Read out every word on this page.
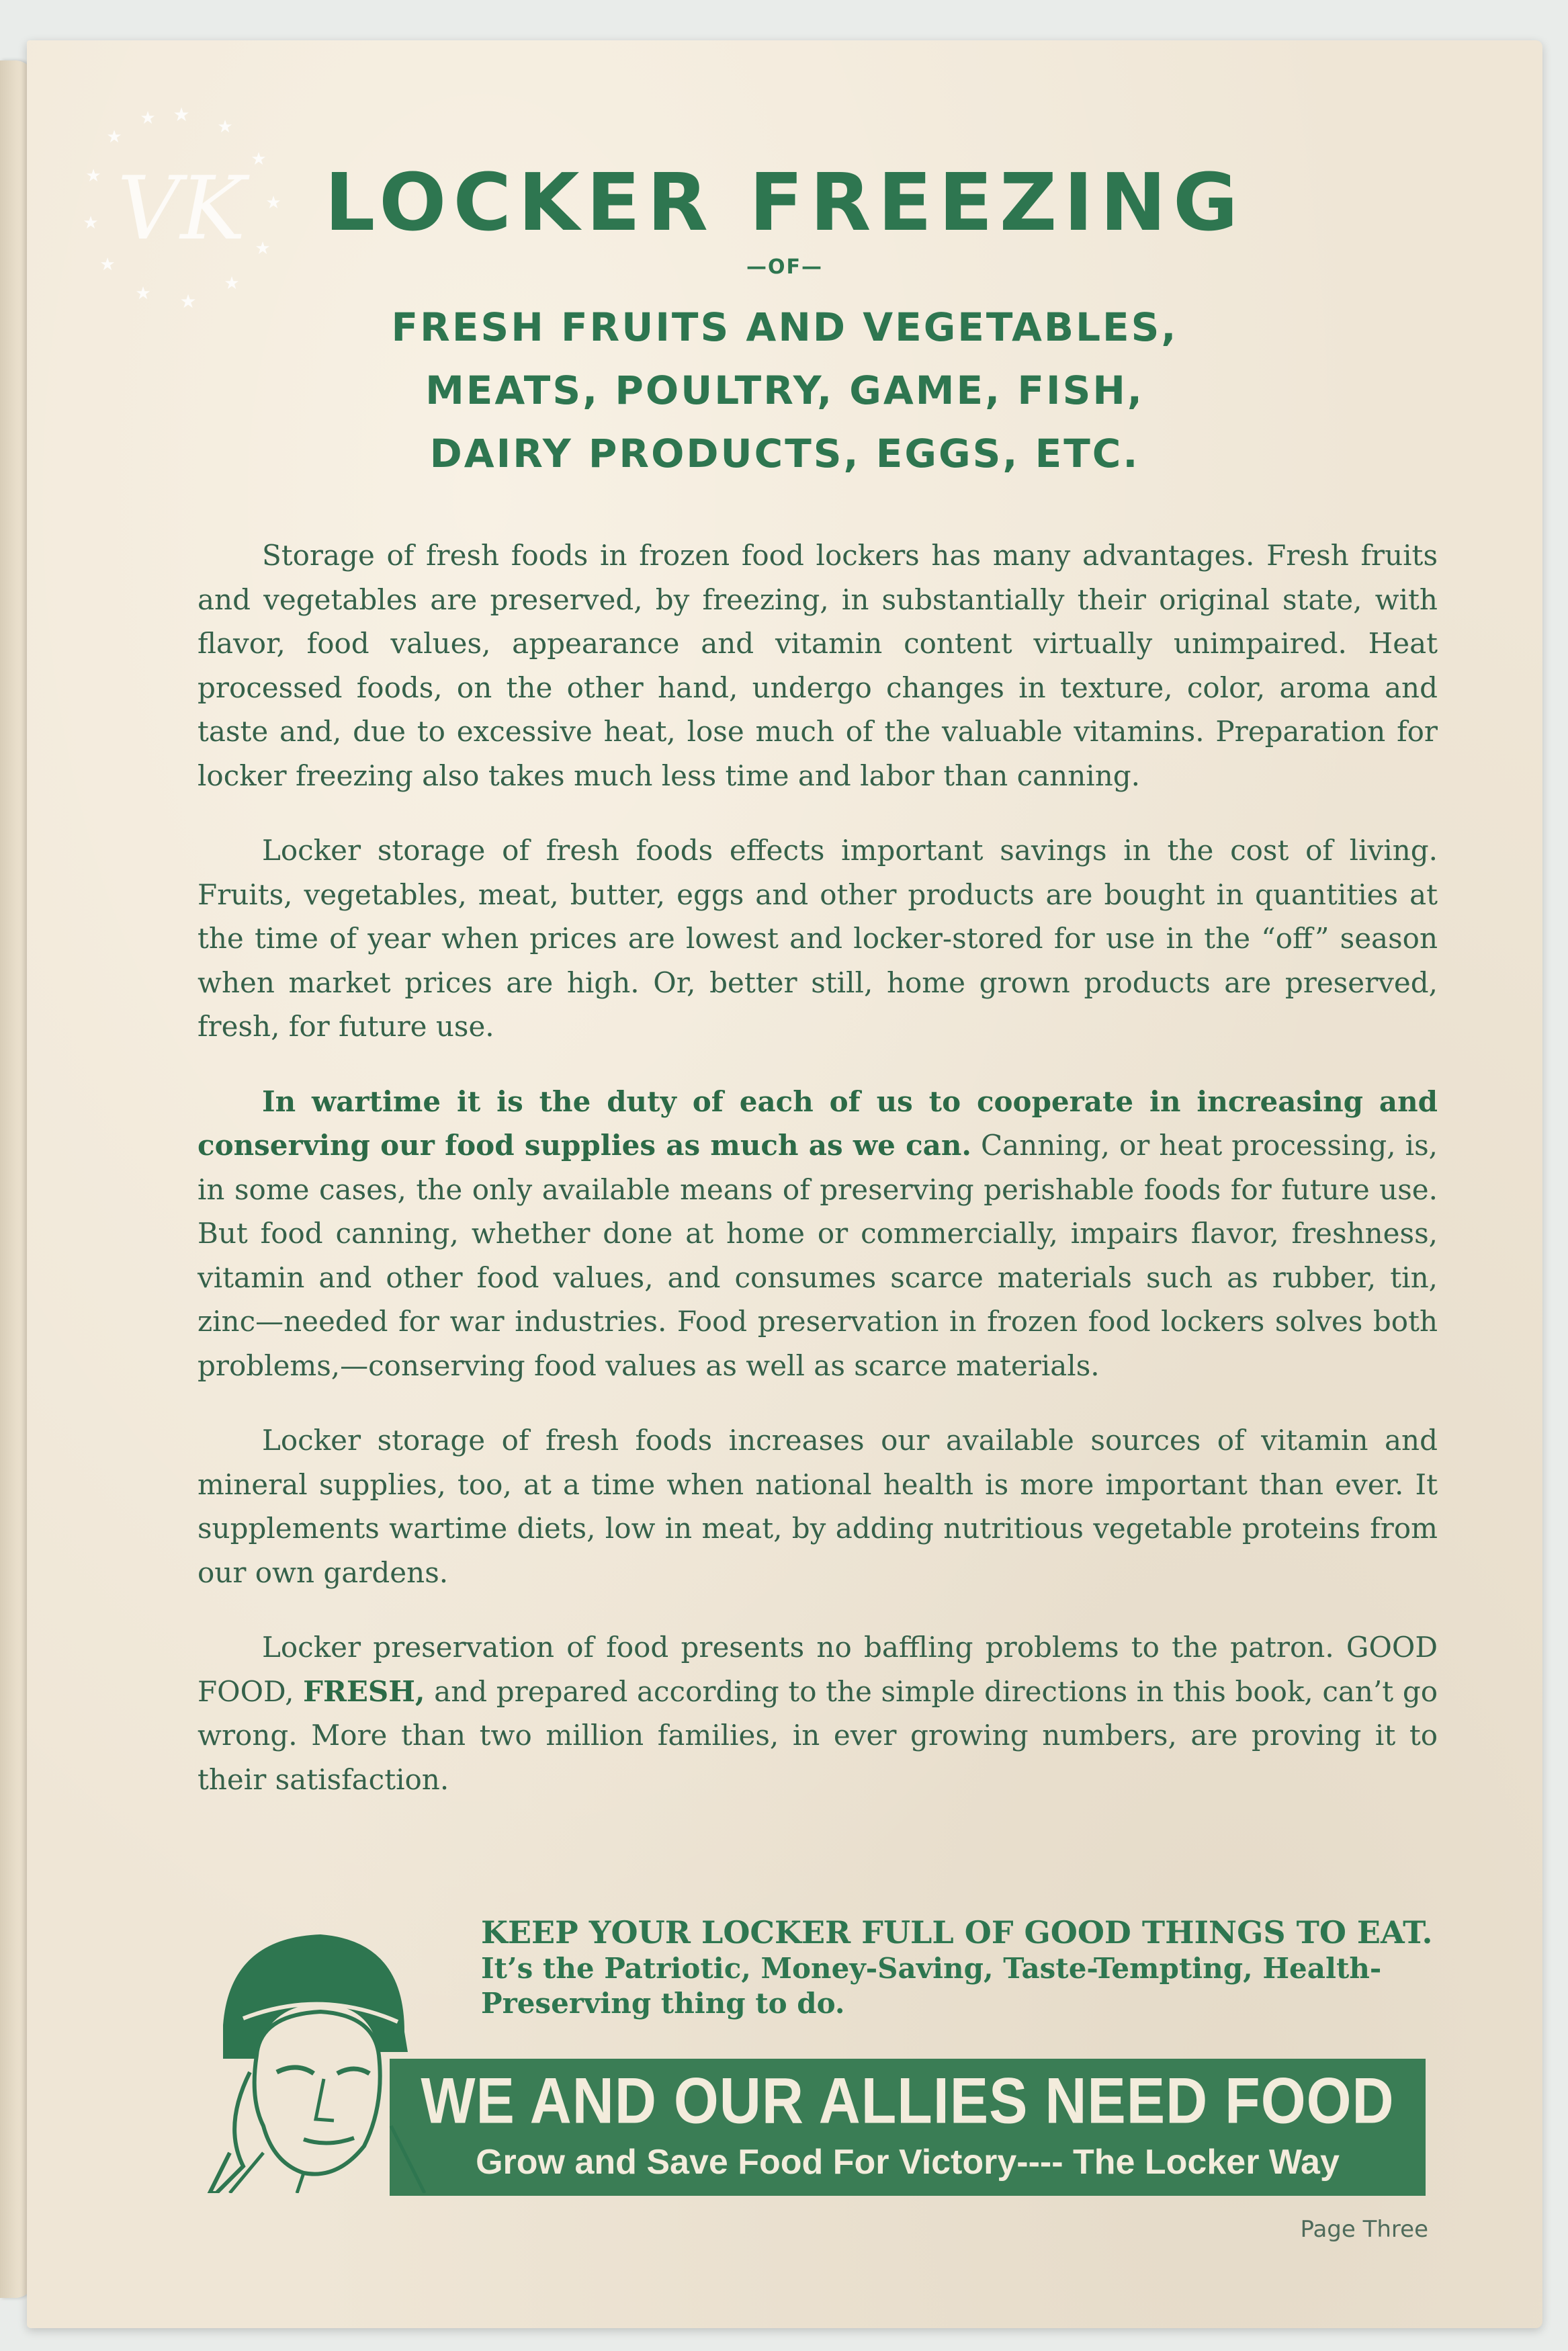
★
★
★
★
★
★
★
★
★
★
★
★
★
VK LOCKER FREEZING
—OF—
FRESH FRUITS AND VEGETABLES,
MEATS, POULTRY, GAME, FISH,
DAIRY PRODUCTS, EGGS, ETC.

Storage of fresh foods in frozen food lockers has many advantages. Fresh fruits and vegetables are preserved, by freezing, in substantially their original state, with flavor, food values, appearance and vitamin content virtually unimpaired. Heat processed foods, on the other hand, undergo changes in texture, color, aroma and taste and, due to excessive heat, lose much of the valuable vitamins. Preparation for locker freezing also takes much less time and labor than canning.

Locker storage of fresh foods effects important savings in the cost of living. Fruits, vegetables, meat, butter, eggs and other products are bought in quantities at the time of year when prices are lowest and locker-stored for use in the “off” season when market prices are high. Or, better still, home grown products are preserved, fresh, for future use.

In wartime it is the duty of each of us to cooperate in increasing and conserving our food supplies as much as we can. Canning, or heat processing, is, in some cases, the only available means of preserving perishable foods for future use. But food canning, whether done at home or commercially, impairs flavor, freshness, vitamin and other food values, and consumes scarce materials such as rubber, tin, zinc—needed for war industries. Food preservation in frozen food lockers solves both problems,—conserving food values as well as scarce materials.

Locker storage of fresh foods increases our available sources of vitamin and mineral supplies, too, at a time when national health is more important than ever. It supplements wartime diets, low in meat, by adding nutritious vegetable proteins from our own gardens.

Locker preservation of food presents no baffling problems to the patron. GOOD FOOD, FRESH, and prepared according to the simple directions in this book, can’t go wrong. More than two million families, in ever growing numbers, are proving it to their satisfaction.

KEEP YOUR LOCKER FULL OF GOOD THINGS TO EAT. It’s the Patriotic, Money-Saving, Taste-Tempting, Health-Preserving thing to do.
WE AND OUR ALLIES NEED FOOD
Grow and Save Food For Victory---- The Locker Way
Page Three
